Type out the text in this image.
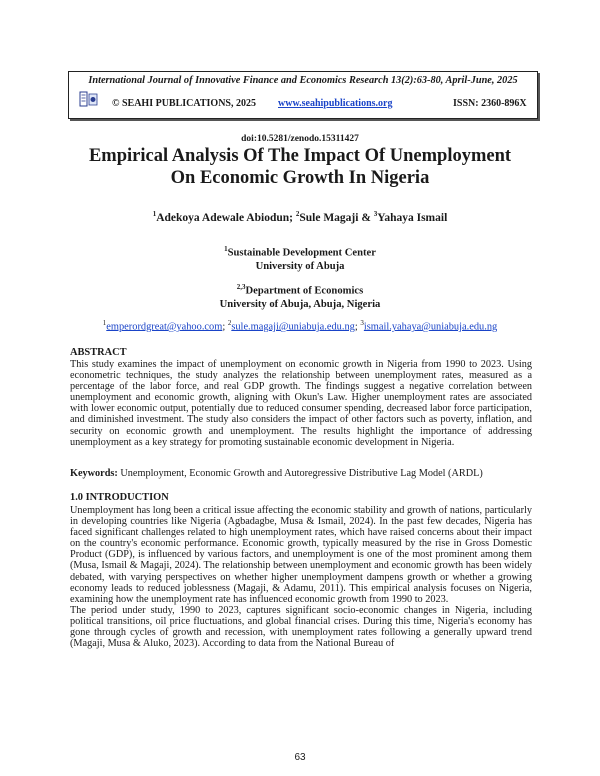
International Journal of Innovative Finance and Economics Research 13(2):63-80, April-June, 2025
© SEAHI PUBLICATIONS, 2025 www.seahipublications.org	ISSN: 2360-896X
doi:10.5281/zenodo.15311427
Empirical Analysis Of The Impact Of Unemployment
On Economic Growth In Nigeria
$^1$Adekoya Adewale Abiodun; $^2$Sule Magaji & $^3$Yahaya Ismail
$^1$Sustainable Development Center
University of Abuja
$^{2,3}$Department of Economics
University of Abuja, Abuja, Nigeria
$^1$emperordgreat@yahoo.com; $^2$sule.magaji@uniabuja.edu.ng; $^3$ismail.yahaya@uniabuja.edu.ng
ABSTRACT

This study examines the impact of unemployment on economic growth in Nigeria from 1990 to 2023. Using econometric techniques, the study analyzes the relationship between unemployment rates, measured as a percentage of the labor force, and real GDP growth. The findings suggest a negative correlation between unemployment and economic growth, aligning with Okun's Law. Higher unemployment rates are associated with lower economic output, potentially due to reduced consumer spending, decreased labor force participation, and diminished investment. The study also considers the impact of other factors such as poverty, inflation, and security on economic growth and unemployment. The results highlight the importance of addressing unemployment as a key strategy for promoting sustainable economic development in Nigeria.

Keywords: Unemployment, Economic Growth and Autoregressive Distributive Lag Model (ARDL)
1.0 INTRODUCTION

Unemployment has long been a critical issue affecting the economic stability and growth of nations, particularly in developing countries like Nigeria (Agbadagbe, Musa & Ismail, 2024). In the past few decades, Nigeria has faced significant challenges related to high unemployment rates, which have raised concerns about their impact on the country's economic performance. Economic growth, typically measured by the rise in Gross Domestic Product (GDP), is influenced by various factors, and unemployment is one of the most prominent among them (Musa, Ismail & Magaji, 2024). The relationship between unemployment and economic growth has been widely debated, with varying perspectives on whether higher unemployment dampens growth or whether a growing economy leads to reduced joblessness (Magaji, & Adamu, 2011). This empirical analysis focuses on Nigeria, examining how the unemployment rate has influenced economic growth from 1990 to 2023.

The period under study, 1990 to 2023, captures significant socio-economic changes in Nigeria, including political transitions, oil price fluctuations, and global financial crises. During this time, Nigeria's economy has gone through cycles of growth and recession, with unemployment rates following a generally upward trend (Magaji, Musa & Aluko, 2023). According to data from the National Bureau of

63
